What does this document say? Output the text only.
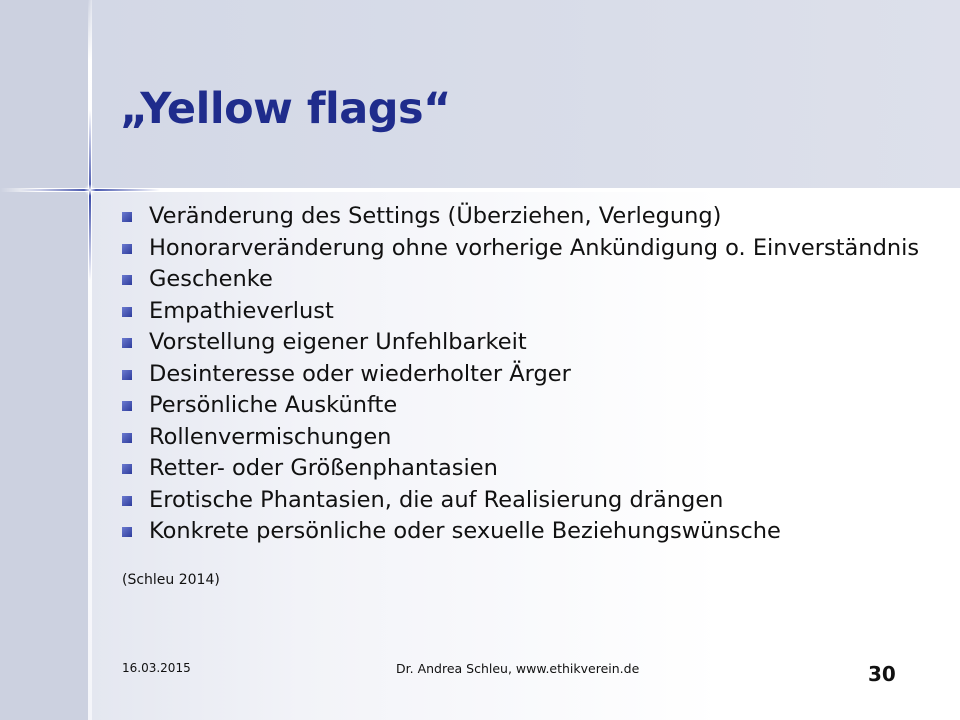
„Yellow flags“
Veränderung des Settings (Überziehen, Verlegung)
Honorarveränderung ohne vorherige Ankündigung o. Einverständnis
Geschenke
Empathieverlust
Vorstellung eigener Unfehlbarkeit
Desinteresse oder wiederholter Ärger
Persönliche Auskünfte
Rollenvermischungen
Retter- oder Größenphantasien
Erotische Phantasien, die auf Realisierung drängen
Konkrete persönliche oder sexuelle Beziehungswünsche
(Schleu 2014)
16.03.2015	Dr. Andrea Schleu, www.ethikverein.de	30
